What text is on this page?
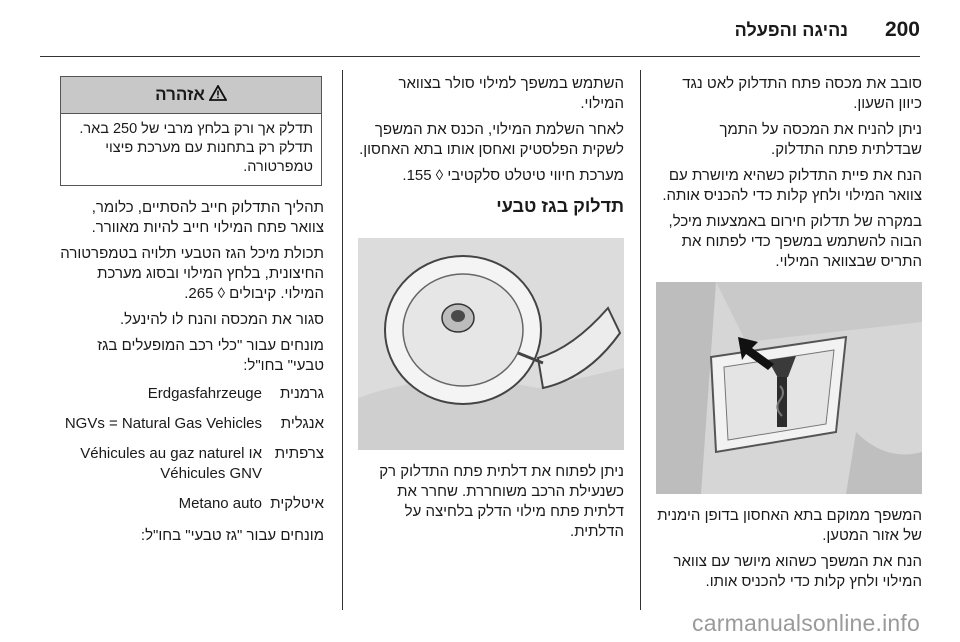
200
נהיגה והפעלה

סובב את מכסה פתח התדלוק לאט נגד כיוון השעון.

ניתן להניח את המכסה על התמך שבדלתית פתח התדלוק.

הנח את פיית התדלוק כשהיא מיושרת עם צוואר המילוי ולחץ קלות כדי להכניס אותה.

במקרה של תדלוק חירום באמצעות מיכל, הבוה להשתמש במשפך כדי לפתוח את התריס שבצוואר המילוי.

המשפך ממוקם בתא האחסון בדופן הימנית של אזור המטען.

הנח את המשפך כשהוא מיושר עם צוואר המילוי ולחץ קלות כדי להכניס אותו.

השתמש במשפך למילוי סולר בצוואר המילוי.

לאחר השלמת המילוי, הכנס את המשפך לשקית הפלסטיק ואחסן אותו בתא האחסון.

מערכת חיווי טיטלט סלקטיבי ◊ 155.

תדלוק בגז טבעי

ניתן לפתוח את דלתית פתח התדלוק רק כשנעילת הרכב משוחררת. שחרר את דלתית פתח מילוי הדלק בלחיצה על הדלתית.

אזהרה
תדלק אך ורק בלחץ מרבי של 250 באר. תדלק רק בתחנות עם מערכת פיצוי טמפרטורה.

תהליך התדלוק חייב להסתיים, כלומר, צוואר פתח המילוי חייב להיות מאוורר.

תכולת מיכל הגז הטבעי תלויה בטמפרטורה החיצונית, בלחץ המילוי ובסוג מערכת המילוי. קיבולים ◊ 265.

סגור את המכסה והנח לו להינעל.

מונחים עבור "כלי רכב המופעלים בגז טבעי" בחו"ל:

גרמנית
Erdgasfahrzeuge
אנגלית
NGVs = Natural Gas Vehicles
צרפתית
Véhicules au gaz naturel או Véhicules GNV
איטלקית
Metano auto

מונחים עבור "גז טבעי" בחו"ל:

carmanualsonline.info
